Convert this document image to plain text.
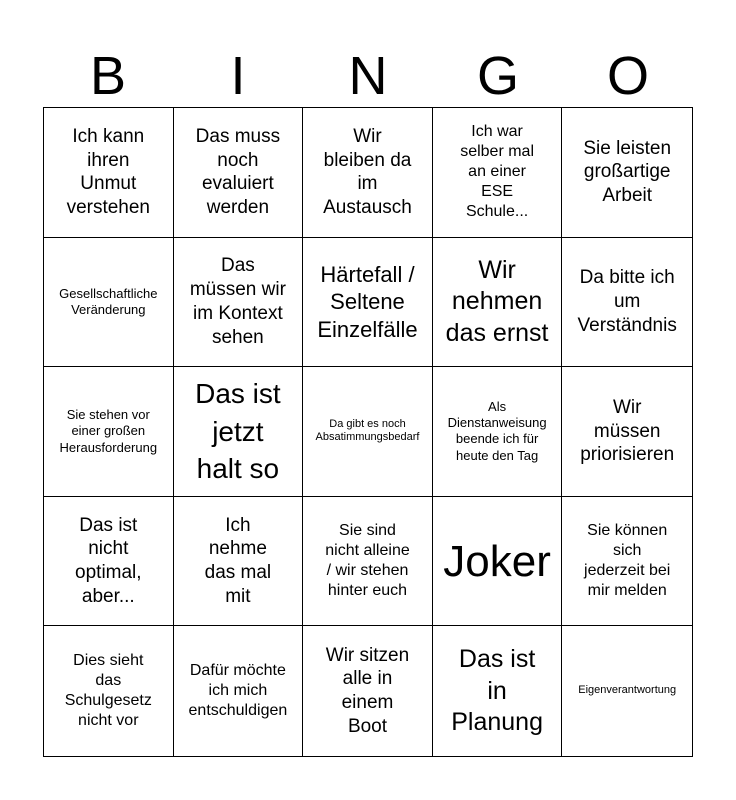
B	I	N	G	O
Ich kann
ihren
Unmut
verstehen
Das muss
noch
evaluiert
werden
Wir
bleiben da
im
Austausch
Ich war
selber mal
an einer
ESE
Schule...
Sie leisten
großartige
Arbeit
Gesellschaftliche
Veränderung
Das
müssen wir
im Kontext
sehen
Härtefall /
Seltene
Einzelfälle
Wir
nehmen
das ernst
Da bitte ich
um
Verständnis
Sie stehen vor
einer großen
Herausforderung
Das ist
jetzt
halt so
Da gibt es noch
Absatimmungsbedarf
Als
Dienstanweisung
beende ich für
heute den Tag
Wir
müssen
priorisieren
Das ist
nicht
optimal,
aber...
Ich
nehme
das mal
mit
Sie sind
nicht alleine
/ wir stehen
hinter euch
Joker
Sie können
sich
jederzeit bei
mir melden
Dies sieht
das
Schulgesetz
nicht vor
Dafür möchte
ich mich
entschuldigen
Wir sitzen
alle in
einem
Boot
Das ist
in
Planung
Eigenverantwortung
